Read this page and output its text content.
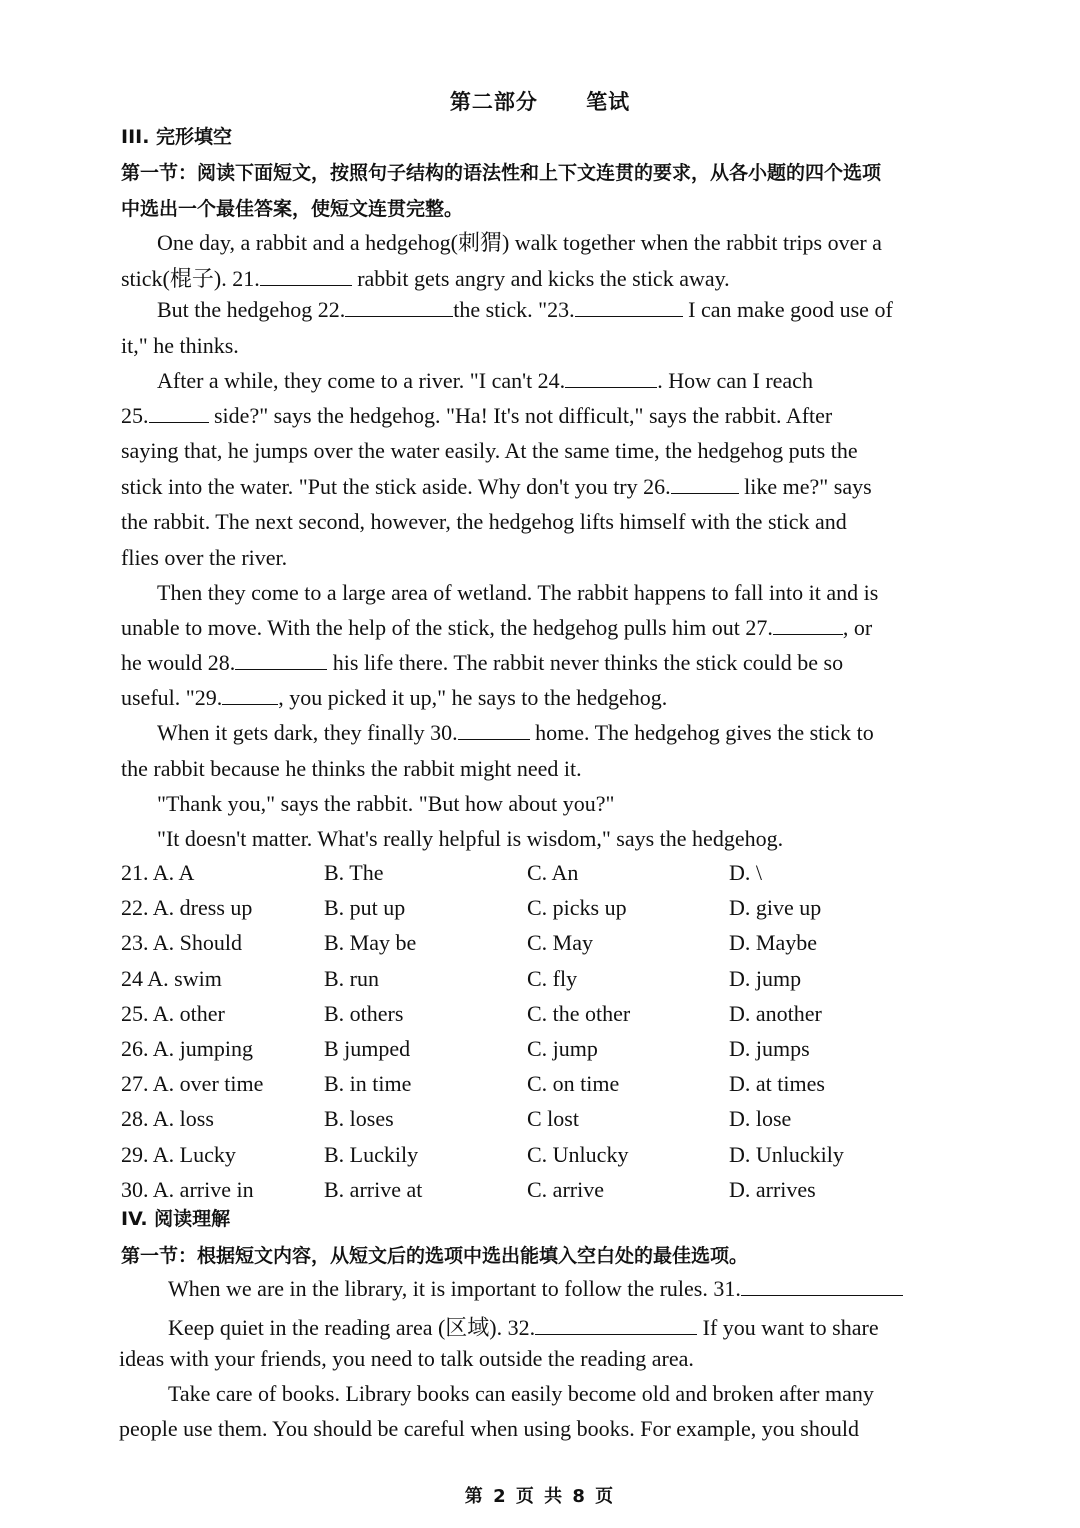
第二部分 笔试
III. 完形填空
第一节：阅读下面短文，按照句子结构的语法性和上下文连贯的要求，从各小题的四个选项
中选出一个最佳答案，使短文连贯完整。
One day, a rabbit and a hedgehog(刺猬) walk together when the rabbit trips over a
stick(棍子). 21.	rabbit gets angry and kicks the stick away.
But the hedgehog 22.	the stick. "23.	I can make good use of
it," he thinks.
After a while, they come to a river. "I can't 24.	. How can I reach
25.	side?" says the hedgehog. "Ha! It's not difficult," says the rabbit. After
saying that, he jumps over the water easily. At the same time, the hedgehog puts the
stick into the water. "Put the stick aside. Why don't you try 26.	like me?" says
the rabbit. The next second, however, the hedgehog lifts himself with the stick and
flies over the river.
Then they come to a large area of wetland. The rabbit happens to fall into it and is
unable to move. With the help of the stick, the hedgehog pulls him out 27.	, or
he would 28.	his life there. The rabbit never thinks the stick could be so
useful. "29.	, you picked it up," he says to the hedgehog.
When it gets dark, they finally 30.	home. The hedgehog gives the stick to
the rabbit because he thinks the rabbit might need it.
"Thank you," says the rabbit. "But how about you?"
"It doesn't matter. What's really helpful is wisdom," says the hedgehog.
21. A. A	B. The	C. An	D. \
22. A. dress up	B. put up	C. picks up	D. give up
23. A. Should	B. May be	C. May	D. Maybe
24 A. swim	B. run	C. fly	D. jump
25. A. other	B. others	C. the other	D. another
26. A. jumping	B jumped	C. jump	D. jumps
27. A. over time	B. in time	C. on time	D. at times
28. A. loss	B. loses	C lost	D. lose
29. A. Lucky	B. Luckily	C. Unlucky	D. Unluckily
30. A. arrive in	B. arrive at	C. arrive	D. arrives
IV. 阅读理解
第一节：根据短文内容，从短文后的选项中选出能填入空白处的最佳选项。
When we are in the library, it is important to follow the rules. 31.
Keep quiet in the reading area (区域). 32.	If you want to share
ideas with your friends, you need to talk outside the reading area.
Take care of books. Library books can easily become old and broken after many
people use them. You should be careful when using books. For example, you should
第 2 页 共 8 页
